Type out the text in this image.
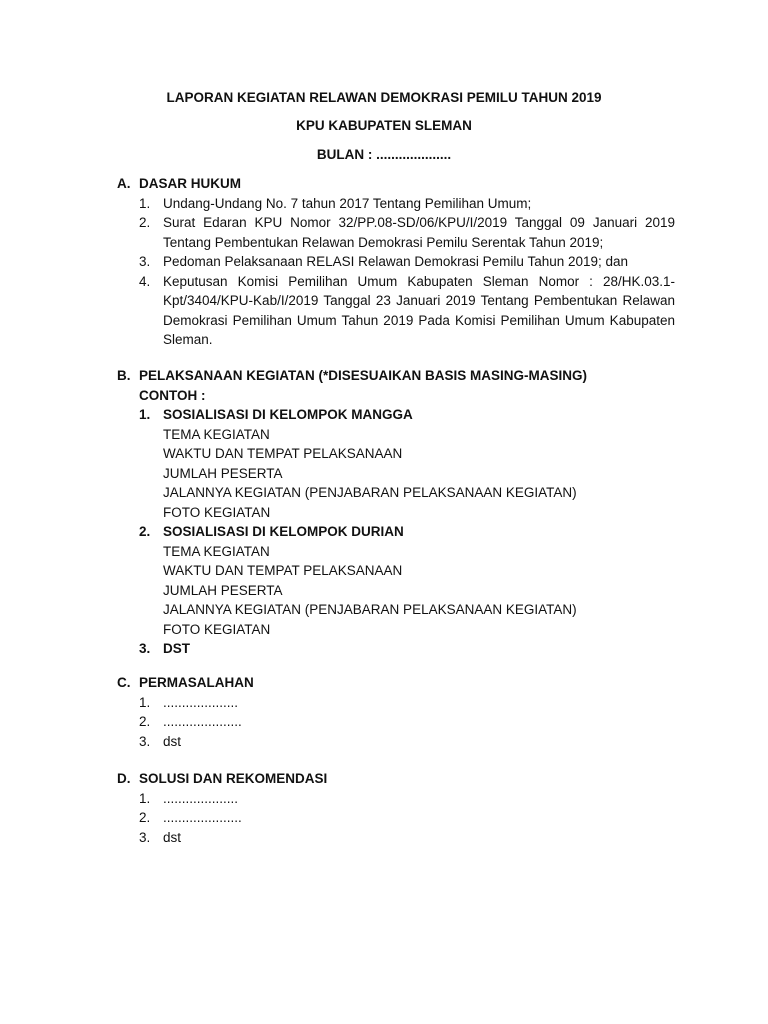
LAPORAN KEGIATAN RELAWAN DEMOKRASI PEMILU TAHUN 2019
KPU KABUPATEN SLEMAN
BULAN : ....................
A. DASAR HUKUM
1. Undang-Undang No. 7 tahun 2017 Tentang Pemilihan Umum;
2. Surat Edaran KPU Nomor 32/PP.08-SD/06/KPU/I/2019 Tanggal 09 Januari 2019 Tentang Pembentukan Relawan Demokrasi Pemilu Serentak Tahun 2019;
3. Pedoman Pelaksanaan RELASI Relawan Demokrasi Pemilu Tahun 2019; dan
4. Keputusan Komisi Pemilihan Umum Kabupaten Sleman Nomor : 28/HK.03.1-Kpt/3404/KPU-Kab/I/2019 Tanggal 23 Januari 2019 Tentang Pembentukan Relawan Demokrasi Pemilihan Umum Tahun 2019 Pada Komisi Pemilihan Umum Kabupaten Sleman.
B. PELAKSANAAN KEGIATAN (*DISESUAIKAN BASIS MASING-MASING)
CONTOH :
1. SOSIALISASI DI KELOMPOK MANGGA
TEMA KEGIATAN
WAKTU DAN TEMPAT PELAKSANAAN
JUMLAH PESERTA
JALANNYA KEGIATAN (PENJABARAN PELAKSANAAN KEGIATAN)
FOTO KEGIATAN
2. SOSIALISASI DI KELOMPOK DURIAN
TEMA KEGIATAN
WAKTU DAN TEMPAT PELAKSANAAN
JUMLAH PESERTA
JALANNYA KEGIATAN (PENJABARAN PELAKSANAAN KEGIATAN)
FOTO KEGIATAN
3. DST
C. PERMASALAHAN
1. ....................
2. .....................
3. dst
D. SOLUSI DAN REKOMENDASI
1. ....................
2. .....................
3. dst
